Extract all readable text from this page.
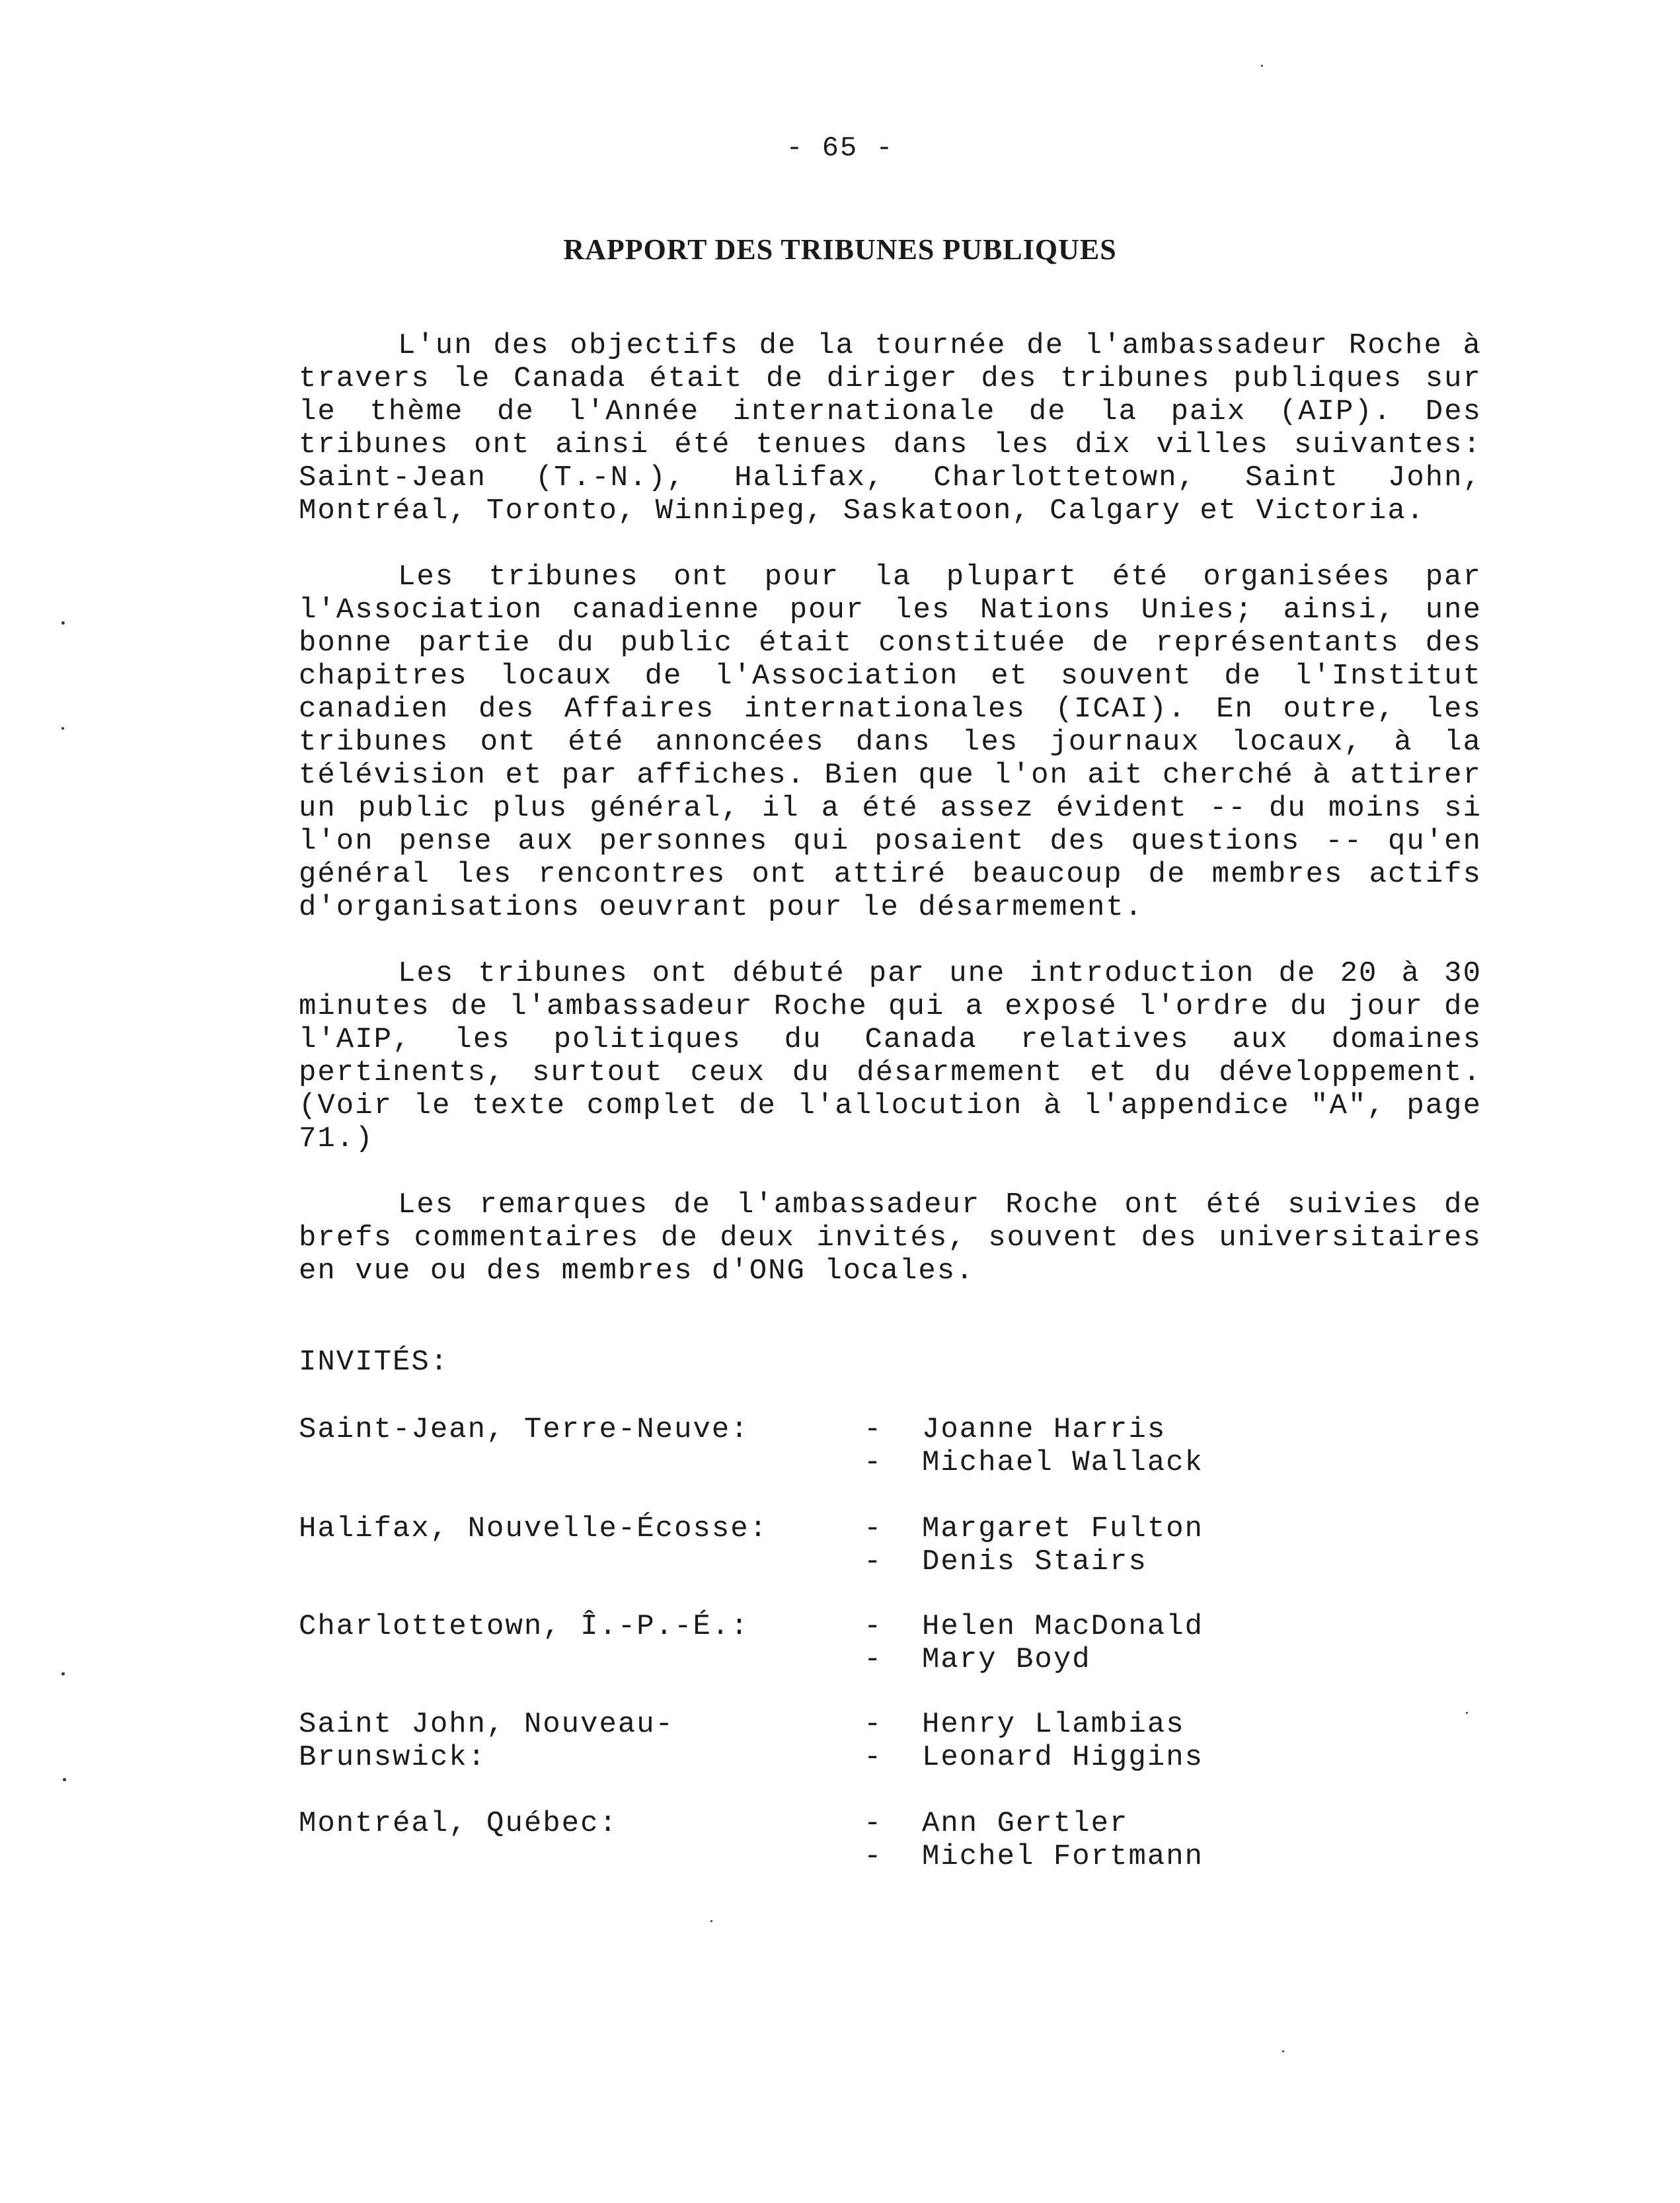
- 65 -
RAPPORT DES TRIBUNES PUBLIQUES

L'un des objectifs de la tournée de l'ambassadeur Roche à travers le Canada était de diriger des tribunes publiques sur le thème de l'Année internationale de la paix (AIP). Des tribunes ont ainsi été tenues dans les dix villes suivantes: Saint-Jean (T.-N.), Halifax, Charlottetown, Saint John, Montréal, Toronto, Winnipeg, Saskatoon, Calgary et Victoria.

Les tribunes ont pour la plupart été organisées par l'Association canadienne pour les Nations Unies; ainsi, une bonne partie du public était constituée de représentants des chapitres locaux de l'Association et souvent de l'Institut canadien des Affaires internationales (ICAI). En outre, les tribunes ont été annoncées dans les journaux locaux, à la télévision et par affiches. Bien que l'on ait cherché à attirer un public plus général, il a été assez évident -- du moins si l'on pense aux personnes qui posaient des questions -- qu'en général les rencontres ont attiré beaucoup de membres actifs d'organisations oeuvrant pour le désarmement.

Les tribunes ont débuté par une introduction de 20 à 30 minutes de l'ambassadeur Roche qui a exposé l'ordre du jour de l'AIP, les politiques du Canada relatives aux domaines pertinents, surtout ceux du désarmement et du développement. (Voir le texte complet de l'allocution à l'appendice "A", page 71.)

Les remarques de l'ambassadeur Roche ont été suivies de brefs commentaires de deux invités, souvent des universitaires en vue ou des membres d'ONG locales.

INVITÉS:
Saint-Jean, Terre-Neuve:	-	Joanne Harris
-	Michael Wallack
Halifax, Nouvelle-Écosse:	-	Margaret Fulton
-	Denis Stairs
Charlottetown, Î.-P.-É.:	-	Helen MacDonald
-	Mary Boyd
Saint John, Nouveau-
Brunswick:
-	Henry Llambias
-	Leonard Higgins
Montréal, Québec:	-	Ann Gertler
-	Michel Fortmann
